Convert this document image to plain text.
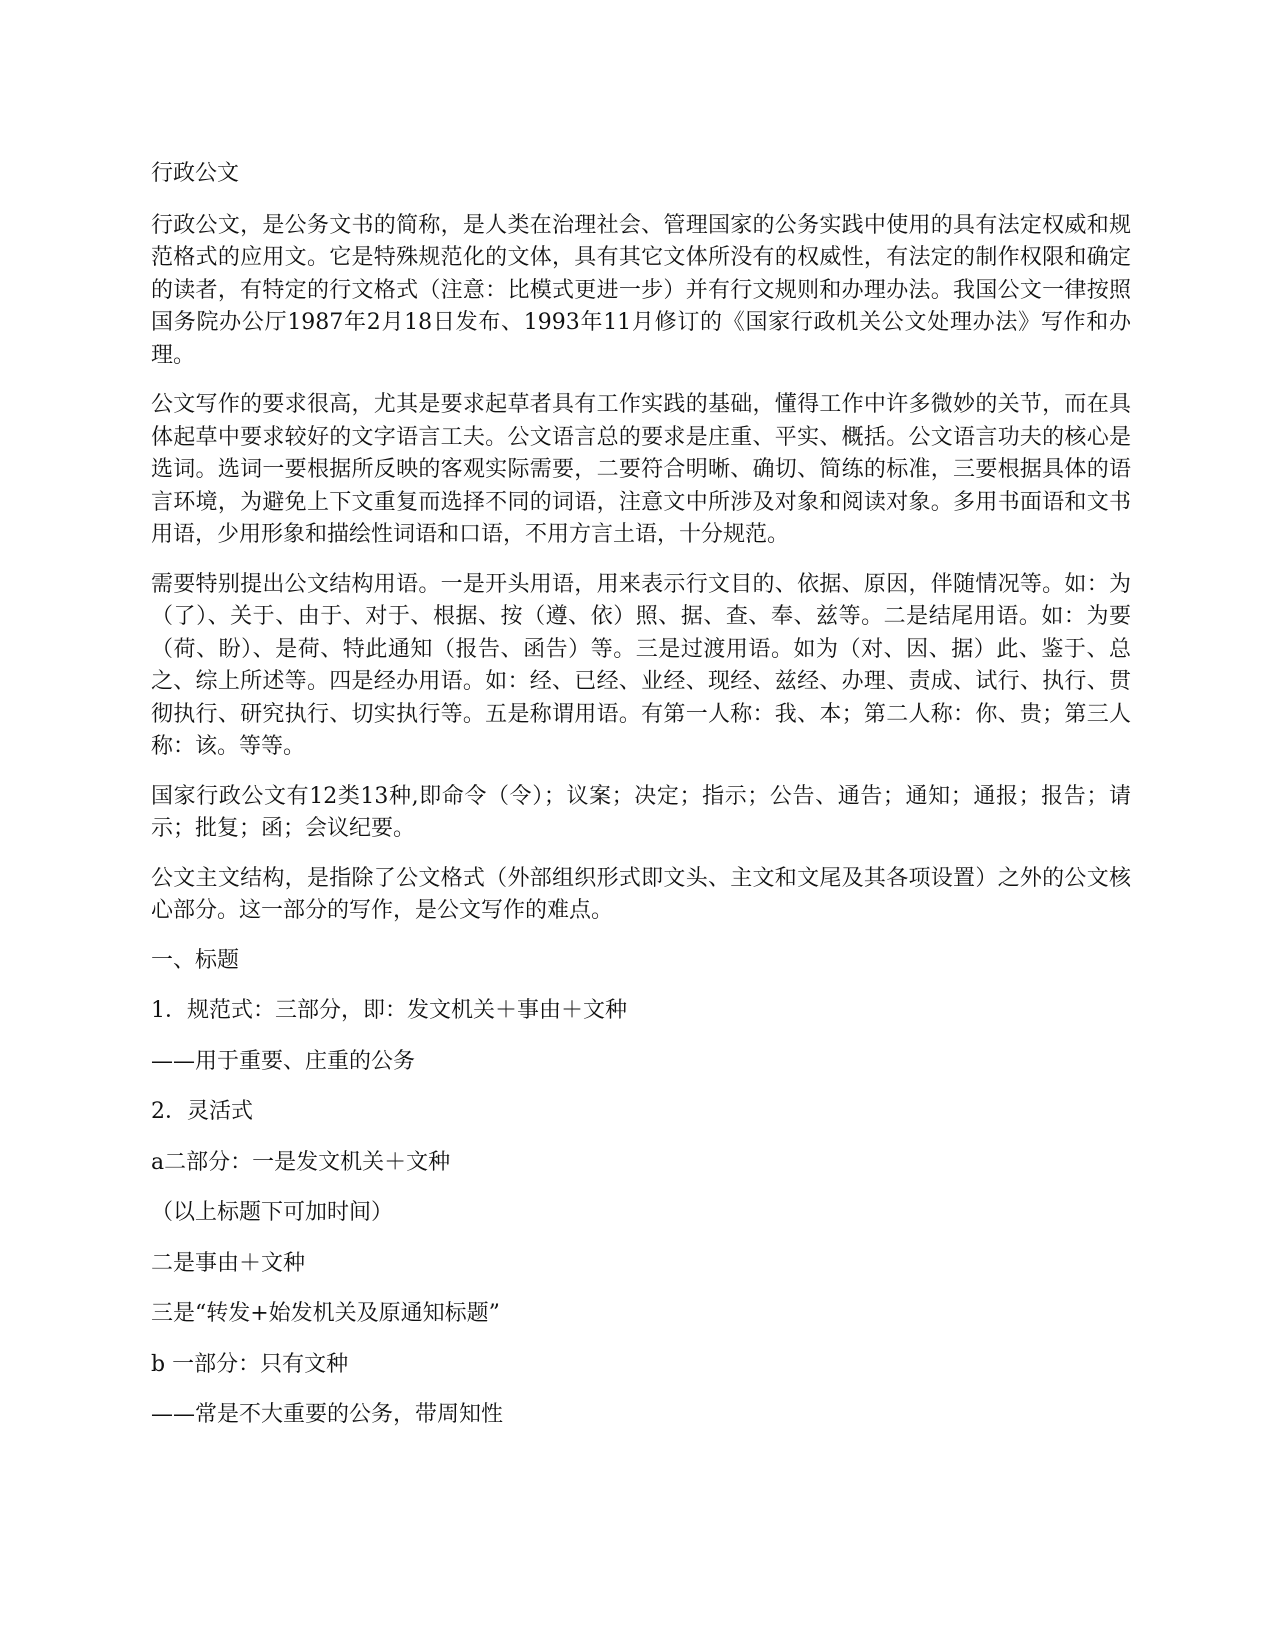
行政公文

行政公文，是公务文书的简称，是人类在治理社会、管理国家的公务实践中使用的具有法定权威和规范格式的应用文。它是特殊规范化的文体，具有其它文体所没有的权威性，有法定的制作权限和确定的读者，有特定的行文格式（注意：比模式更进一步）并有行文规则和办理办法。我国公文一律按照国务院办公厅1987年2月18日发布、1993年11月修订的《国家行政机关公文处理办法》写作和办理。

公文写作的要求很高，尤其是要求起草者具有工作实践的基础，懂得工作中许多微妙的关节，而在具体起草中要求较好的文字语言工夫。公文语言总的要求是庄重、平实、概括。公文语言功夫的核心是选词。选词一要根据所反映的客观实际需要，二要符合明晰、确切、简练的标准，三要根据具体的语言环境，为避免上下文重复而选择不同的词语，注意文中所涉及对象和阅读对象。多用书面语和文书用语，少用形象和描绘性词语和口语，不用方言土语，十分规范。

需要特别提出公文结构用语。一是开头用语，用来表示行文目的、依据、原因，伴随情况等。如：为（了）、关于、由于、对于、根据、按（遵、依）照、据、查、奉、兹等。二是结尾用语。如：为要（荷、盼）、是荷、特此通知（报告、函告）等。三是过渡用语。如为（对、因、据）此、鉴于、总之、综上所述等。四是经办用语。如：经、已经、业经、现经、兹经、办理、责成、试行、执行、贯彻执行、研究执行、切实执行等。五是称谓用语。有第一人称：我、本；第二人称：你、贵；第三人称：该。等等。

国家行政公文有12类13种,即命令（令）；议案；决定；指示；公告、通告；通知；通报；报告；请示；批复；函；会议纪要。

公文主文结构，是指除了公文格式（外部组织形式即文头、主文和文尾及其各项设置）之外的公文核心部分。这一部分的写作，是公文写作的难点。

一、标题

1．规范式：三部分，即：发文机关＋事由＋文种

——用于重要、庄重的公务

2．灵活式

a二部分：一是发文机关＋文种

（以上标题下可加时间）

二是事由＋文种

三是“转发+始发机关及原通知标题”

b 一部分：只有文种

——常是不大重要的公务，带周知性
